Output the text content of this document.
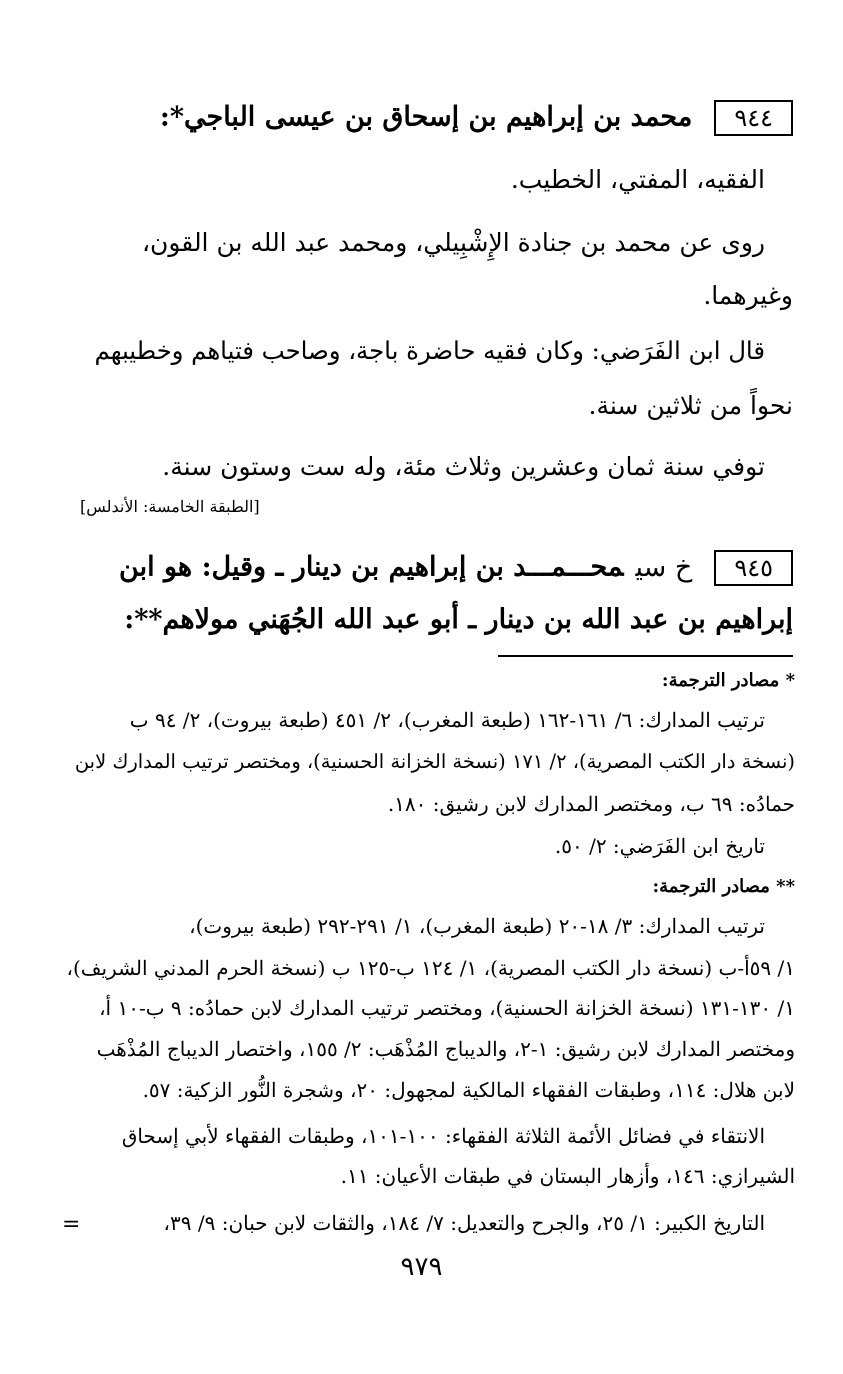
٩٤٤محمد بن إبراهيم بن إسحاق بن عيسى الباجي*:
الفقيه، المفتي، الخطيب.
روى عن محمد بن جنادة الإِشْبِيلي، ومحمد عبد الله بن القون،
وغيرهما.
قال ابن الفَرَضي: وكان فقيه حاضرة باجة، وصاحب فتياهم وخطيبهم
نحواً من ثلاثين سنة.
توفي سنة ثمان وعشرين وثلاث مئة، وله ست وستون سنة.
[الطبقة الخامسة: الأندلس]
٩٤٥خ سيمحـــمـــد بن إبراهيم بن دينار ـ وقيل: هو ابن
إبراهيم بن عبد الله بن دينار ـ أبو عبد الله الجُهَني مولاهم**:
* مصادر الترجمة:
ترتيب المدارك: ٦/ ١٦١-١٦٢ (طبعة المغرب)، ٢/ ٤٥١ (طبعة بيروت)، ٢/ ٩٤ ب
(نسخة دار الكتب المصرية)، ٢/ ١٧١ (نسخة الخزانة الحسنية)، ومختصر ترتيب المدارك لابن
حمادُه: ٦٩ ب، ومختصر المدارك لابن رشيق: ١٨٠.
تاريخ ابن الفَرَضي: ٢/ ٥٠.
** مصادر الترجمة:
ترتيب المدارك: ٣/ ١٨-٢٠ (طبعة المغرب)، ١/ ٢٩١-٢٩٢ (طبعة بيروت)،
١/ ٥٩أ-ب (نسخة دار الكتب المصرية)، ١/ ١٢٤ ب-١٢٥ ب (نسخة الحرم المدني الشريف)،
١/ ١٣٠-١٣١ (نسخة الخزانة الحسنية)، ومختصر ترتيب المدارك لابن حمادُه: ٩ ب-١٠ أ،
ومختصر المدارك لابن رشيق: ١-٢، والديباج المُذْهَب: ٢/ ١٥٥، واختصار الديباج المُذْهَب
لابن هلال: ١١٤، وطبقات الفقهاء المالكية لمجهول: ٢٠، وشجرة النُّور الزكية: ٥٧.
الانتقاء في فضائل الأئمة الثلاثة الفقهاء: ١٠٠-١٠١، وطبقات الفقهاء لأبي إسحاق
الشيرازي: ١٤٦، وأزهار البستان في طبقات الأعيان: ١١.
التاريخ الكبير: ١/ ٢٥، والجرح والتعديل: ٧/ ١٨٤، والثقات لابن حبان: ٩/ ٣٩،
=
٩٧٩
